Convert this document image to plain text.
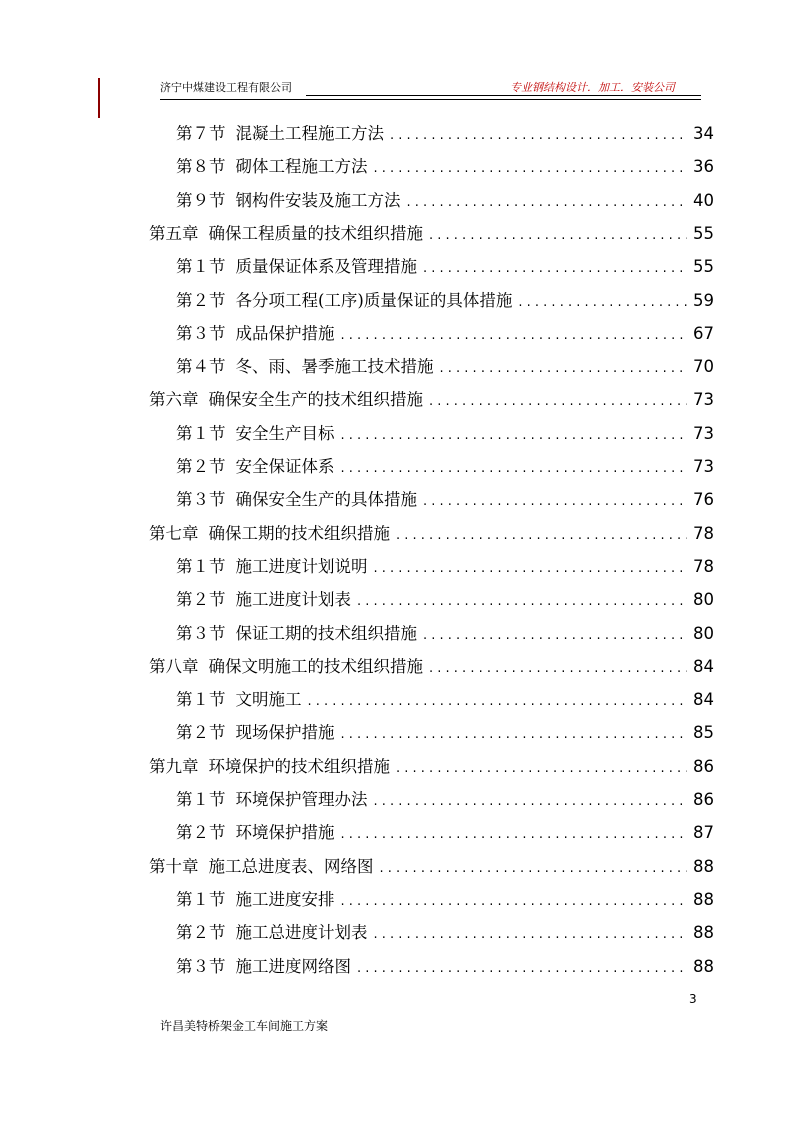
济宁中煤建设工程有限公司	专业钢结构设计．加工．安装公司
第７节 混凝土工程施工方法 . . .	34
第８节 砌体工程施工方法 . . .	36
第９节 钢构件安装及施工方法 . . .	40
第五章 确保工程质量的技术组织措施 . . .	55
第１节 质量保证体系及管理措施 . . .	55
第２节 各分项工程(工序)质量保证的具体措施 . . .	59
第３节 成品保护措施 . . .	67
第４节 冬、雨、暑季施工技术措施 . . .	70
第六章 确保安全生产的技术组织措施 . . .	73
第１节 安全生产目标 . . .	73
第２节 安全保证体系 . . .	73
第３节 确保安全生产的具体措施 . . .	76
第七章 确保工期的技术组织措施 . . .	78
第１节 施工进度计划说明 . . .	78
第２节 施工进度计划表 . . .	80
第３节 保证工期的技术组织措施 . . .	80
第八章 确保文明施工的技术组织措施 . . .	84
第１节 文明施工 . . .	84
第２节 现场保护措施 . . .	85
第九章 环境保护的技术组织措施 . . .	86
第１节 环境保护管理办法 . . .	86
第２节 环境保护措施 . . .	87
第十章 施工总进度表、网络图 . . .	88
第１节 施工进度安排 . . .	88
第２节 施工总进度计划表 . . .	88
第３节 施工进度网络图 . . .	88
3
许昌美特桥架金工车间施工方案
